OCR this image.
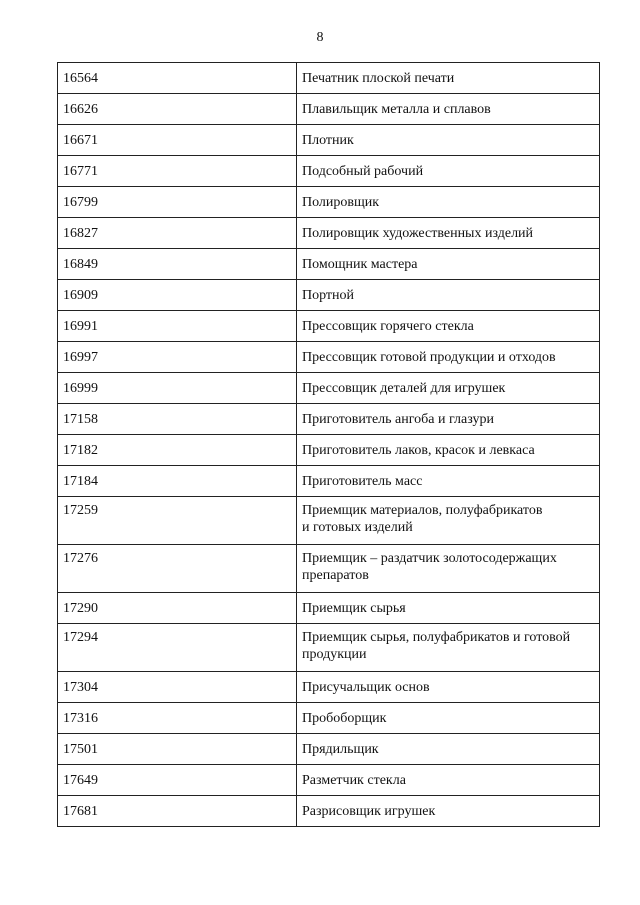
8
16564	Печатник плоской печати

16626	Плавильщик металла и сплавов

16671	Плотник

16771	Подсобный рабочий

16799	Полировщик

16827	Полировщик художественных изделий

16849	Помощник мастера

16909	Портной

16991	Прессовщик горячего стекла

16997	Прессовщик готовой продукции и отходов

16999	Прессовщик деталей для игрушек

17158	Приготовитель ангоба и глазури

17182	Приготовитель лаков, красок и левкаса

17184	Приготовитель масс

17259	Приемщик материалов, полуфабрикатов
и готовых изделий

17276	Приемщик – раздатчик золотосодержащих
препаратов

17290	Приемщик сырья

17294	Приемщик сырья, полуфабрикатов и готовой
продукции

17304	Присучальщик основ

17316	Пробоборщик

17501	Прядильщик

17649	Разметчик стекла

17681	Разрисовщик игрушек
